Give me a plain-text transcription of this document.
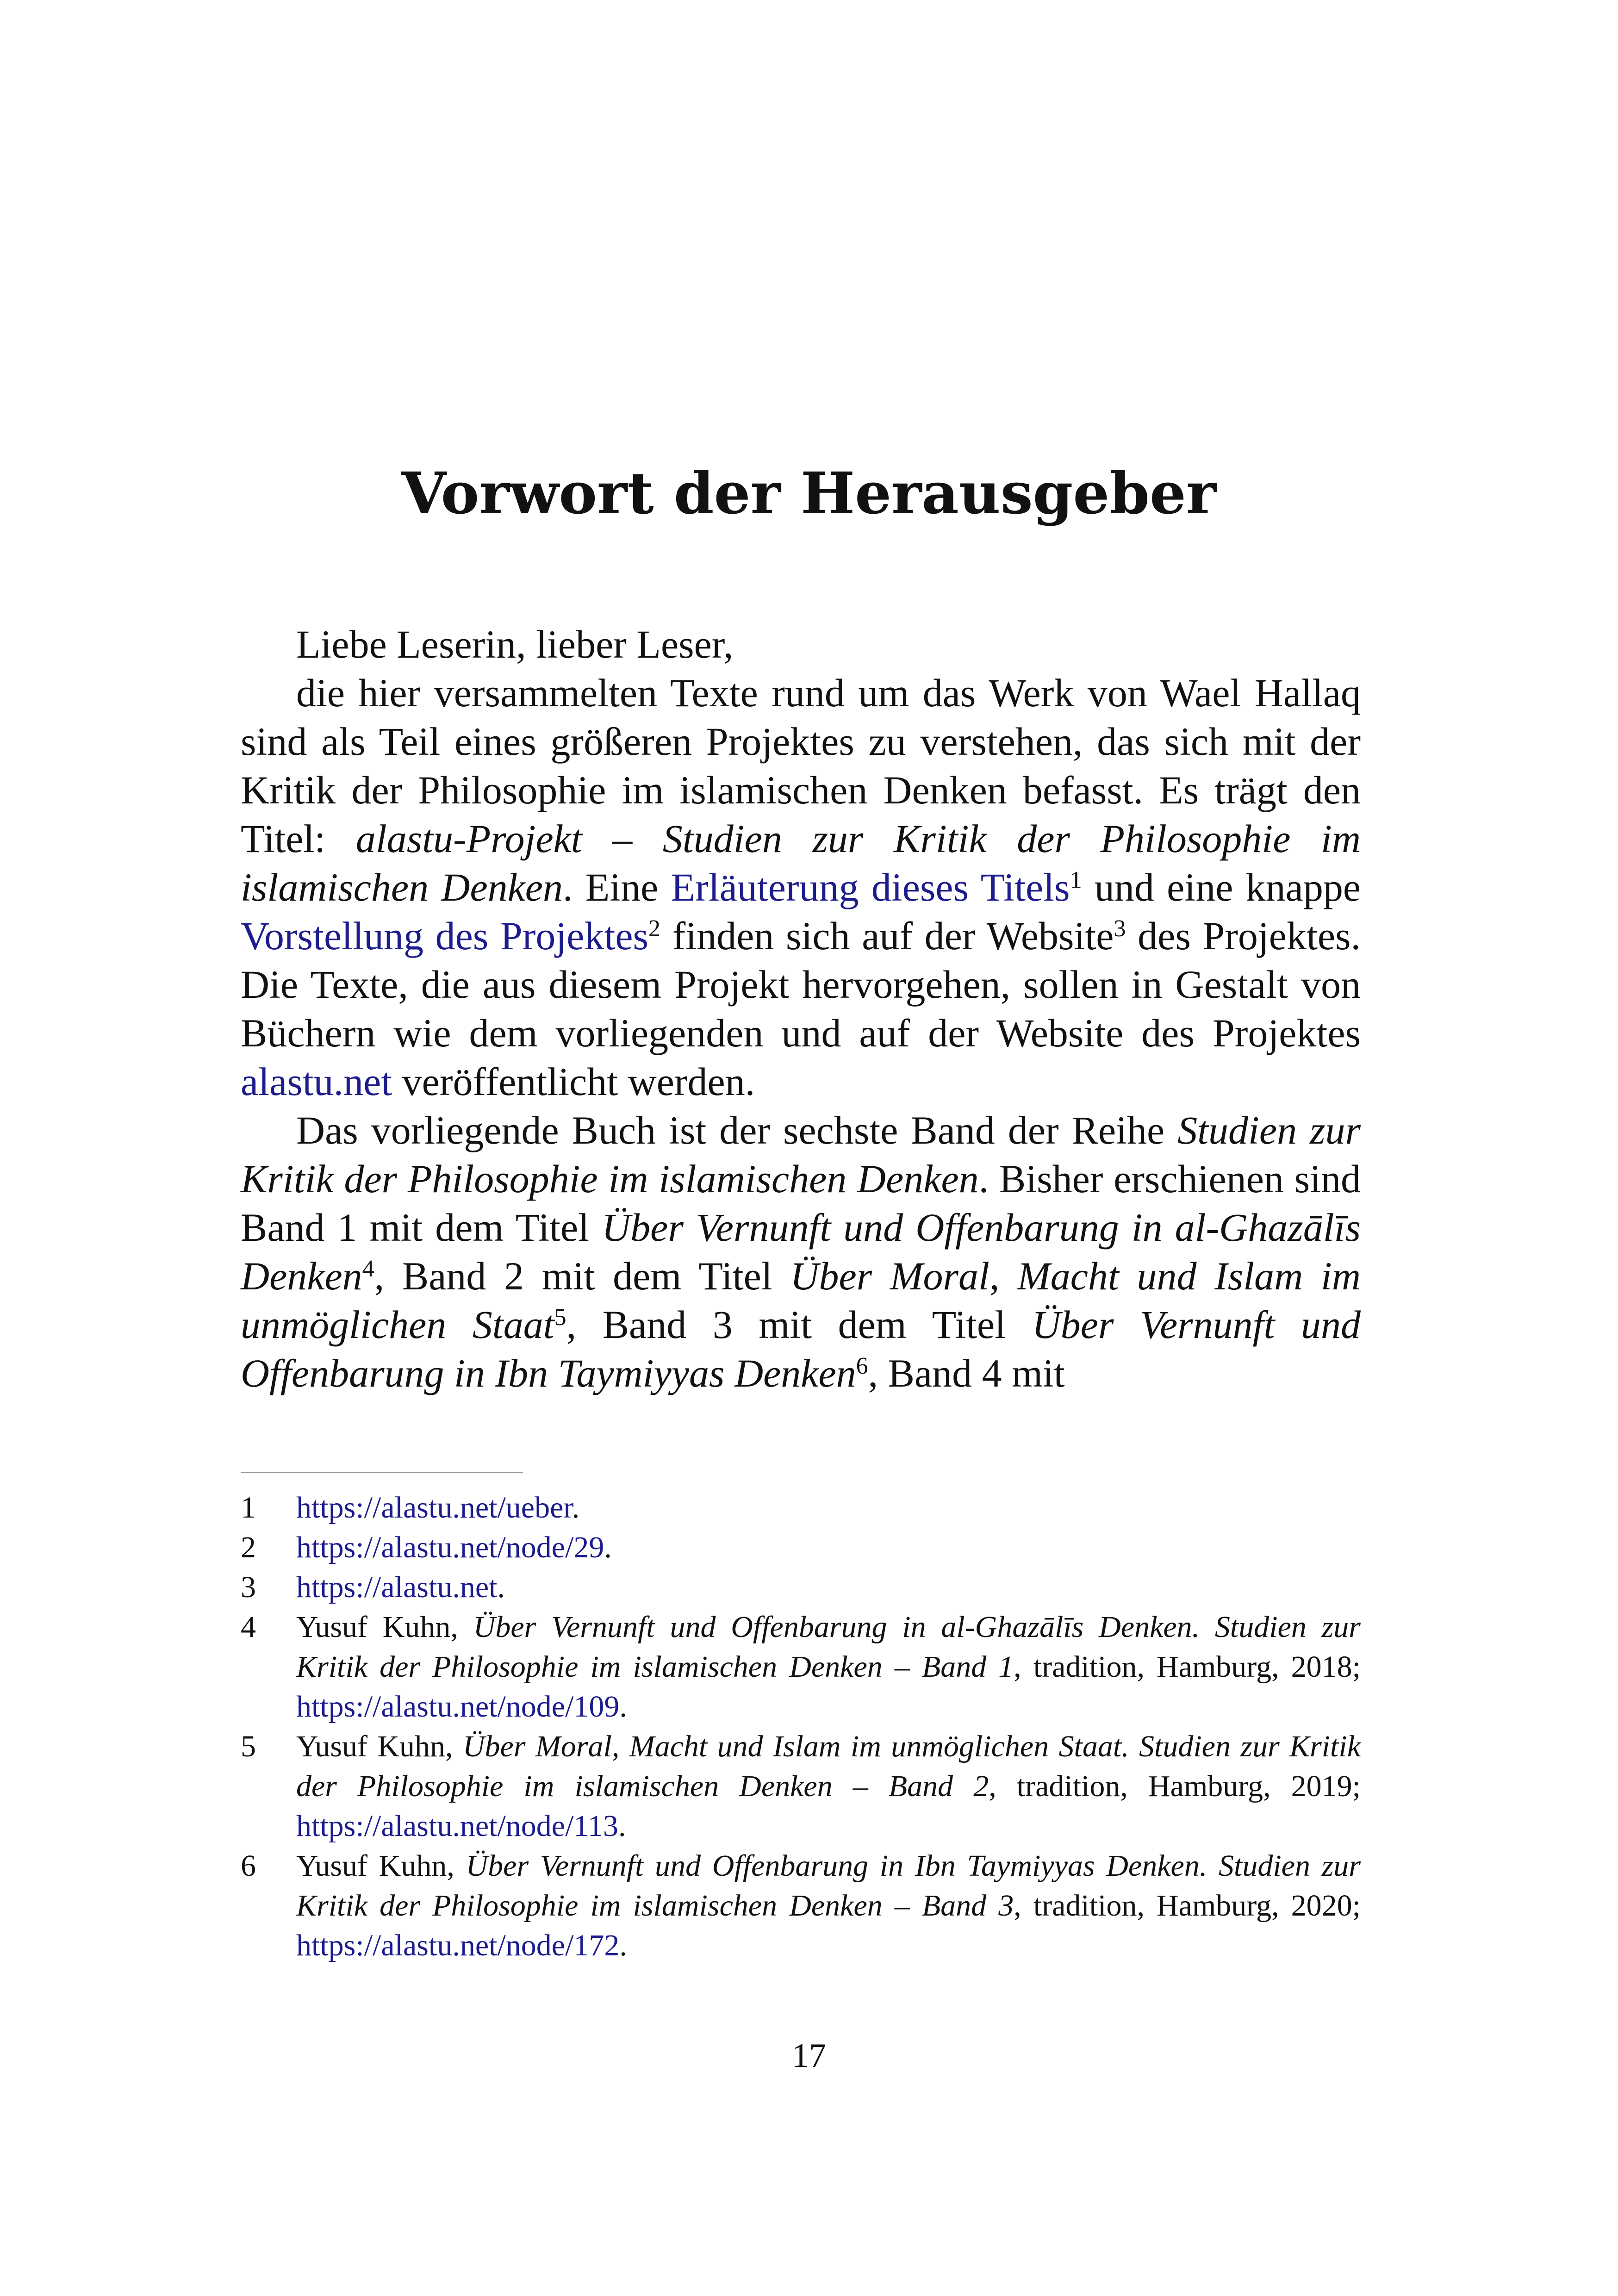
Vorwort der Herausgeber

Liebe Leserin, lieber Leser,

die hier versammelten Texte rund um das Werk von Wael Hallaq sind als Teil eines größeren Projektes zu verstehen, das sich mit der Kritik der Philosophie im islamischen Denken befasst. Es trägt den Titel: alastu-Projekt – Studien zur Kritik der Philosophie im islamischen Denken. Eine Erläuterung dieses Titels$^1$ und eine knappe Vorstellung des Projektes$^2$ finden sich auf der Website$^3$ des Projektes. Die Texte, die aus diesem Projekt hervorgehen, sollen in Gestalt von Büchern wie dem vorliegenden und auf der Website des Projektes alastu.net veröffentlicht werden.

Das vorliegende Buch ist der sechste Band der Reihe Studien zur Kritik der Philosophie im islamischen Denken. Bisher erschienen sind Band 1 mit dem Titel Über Vernunft und Offenbarung in al-Ghazālīs Denken$^4$, Band 2 mit dem Titel Über Moral, Macht und Islam im unmöglichen Staat$^5$, Band 3 mit dem Titel Über Vernunft und Offenbarung in Ibn Taymiyyas Denken$^6$, Band 4 mit

1	https://alastu.net/ueber.
2	https://alastu.net/node/29.
3	https://alastu.net.
4	Yusuf Kuhn, Über Vernunft und Offenbarung in al-Ghazālīs Denken. Studien zur Kritik der Philosophie im islamischen Denken – Band 1, tradition, Hamburg, 2018; https://alastu.net/node/109.
5	Yusuf Kuhn, Über Moral, Macht und Islam im unmöglichen Staat. Studien zur Kritik der Philosophie im islamischen Denken – Band 2, tradition, Hamburg, 2019; https://alastu.net/node/113.
6	Yusuf Kuhn, Über Vernunft und Offenbarung in Ibn Taymiyyas Denken. Studien zur Kritik der Philosophie im islamischen Denken – Band 3, tradition, Hamburg, 2020; https://alastu.net/node/172.
17
